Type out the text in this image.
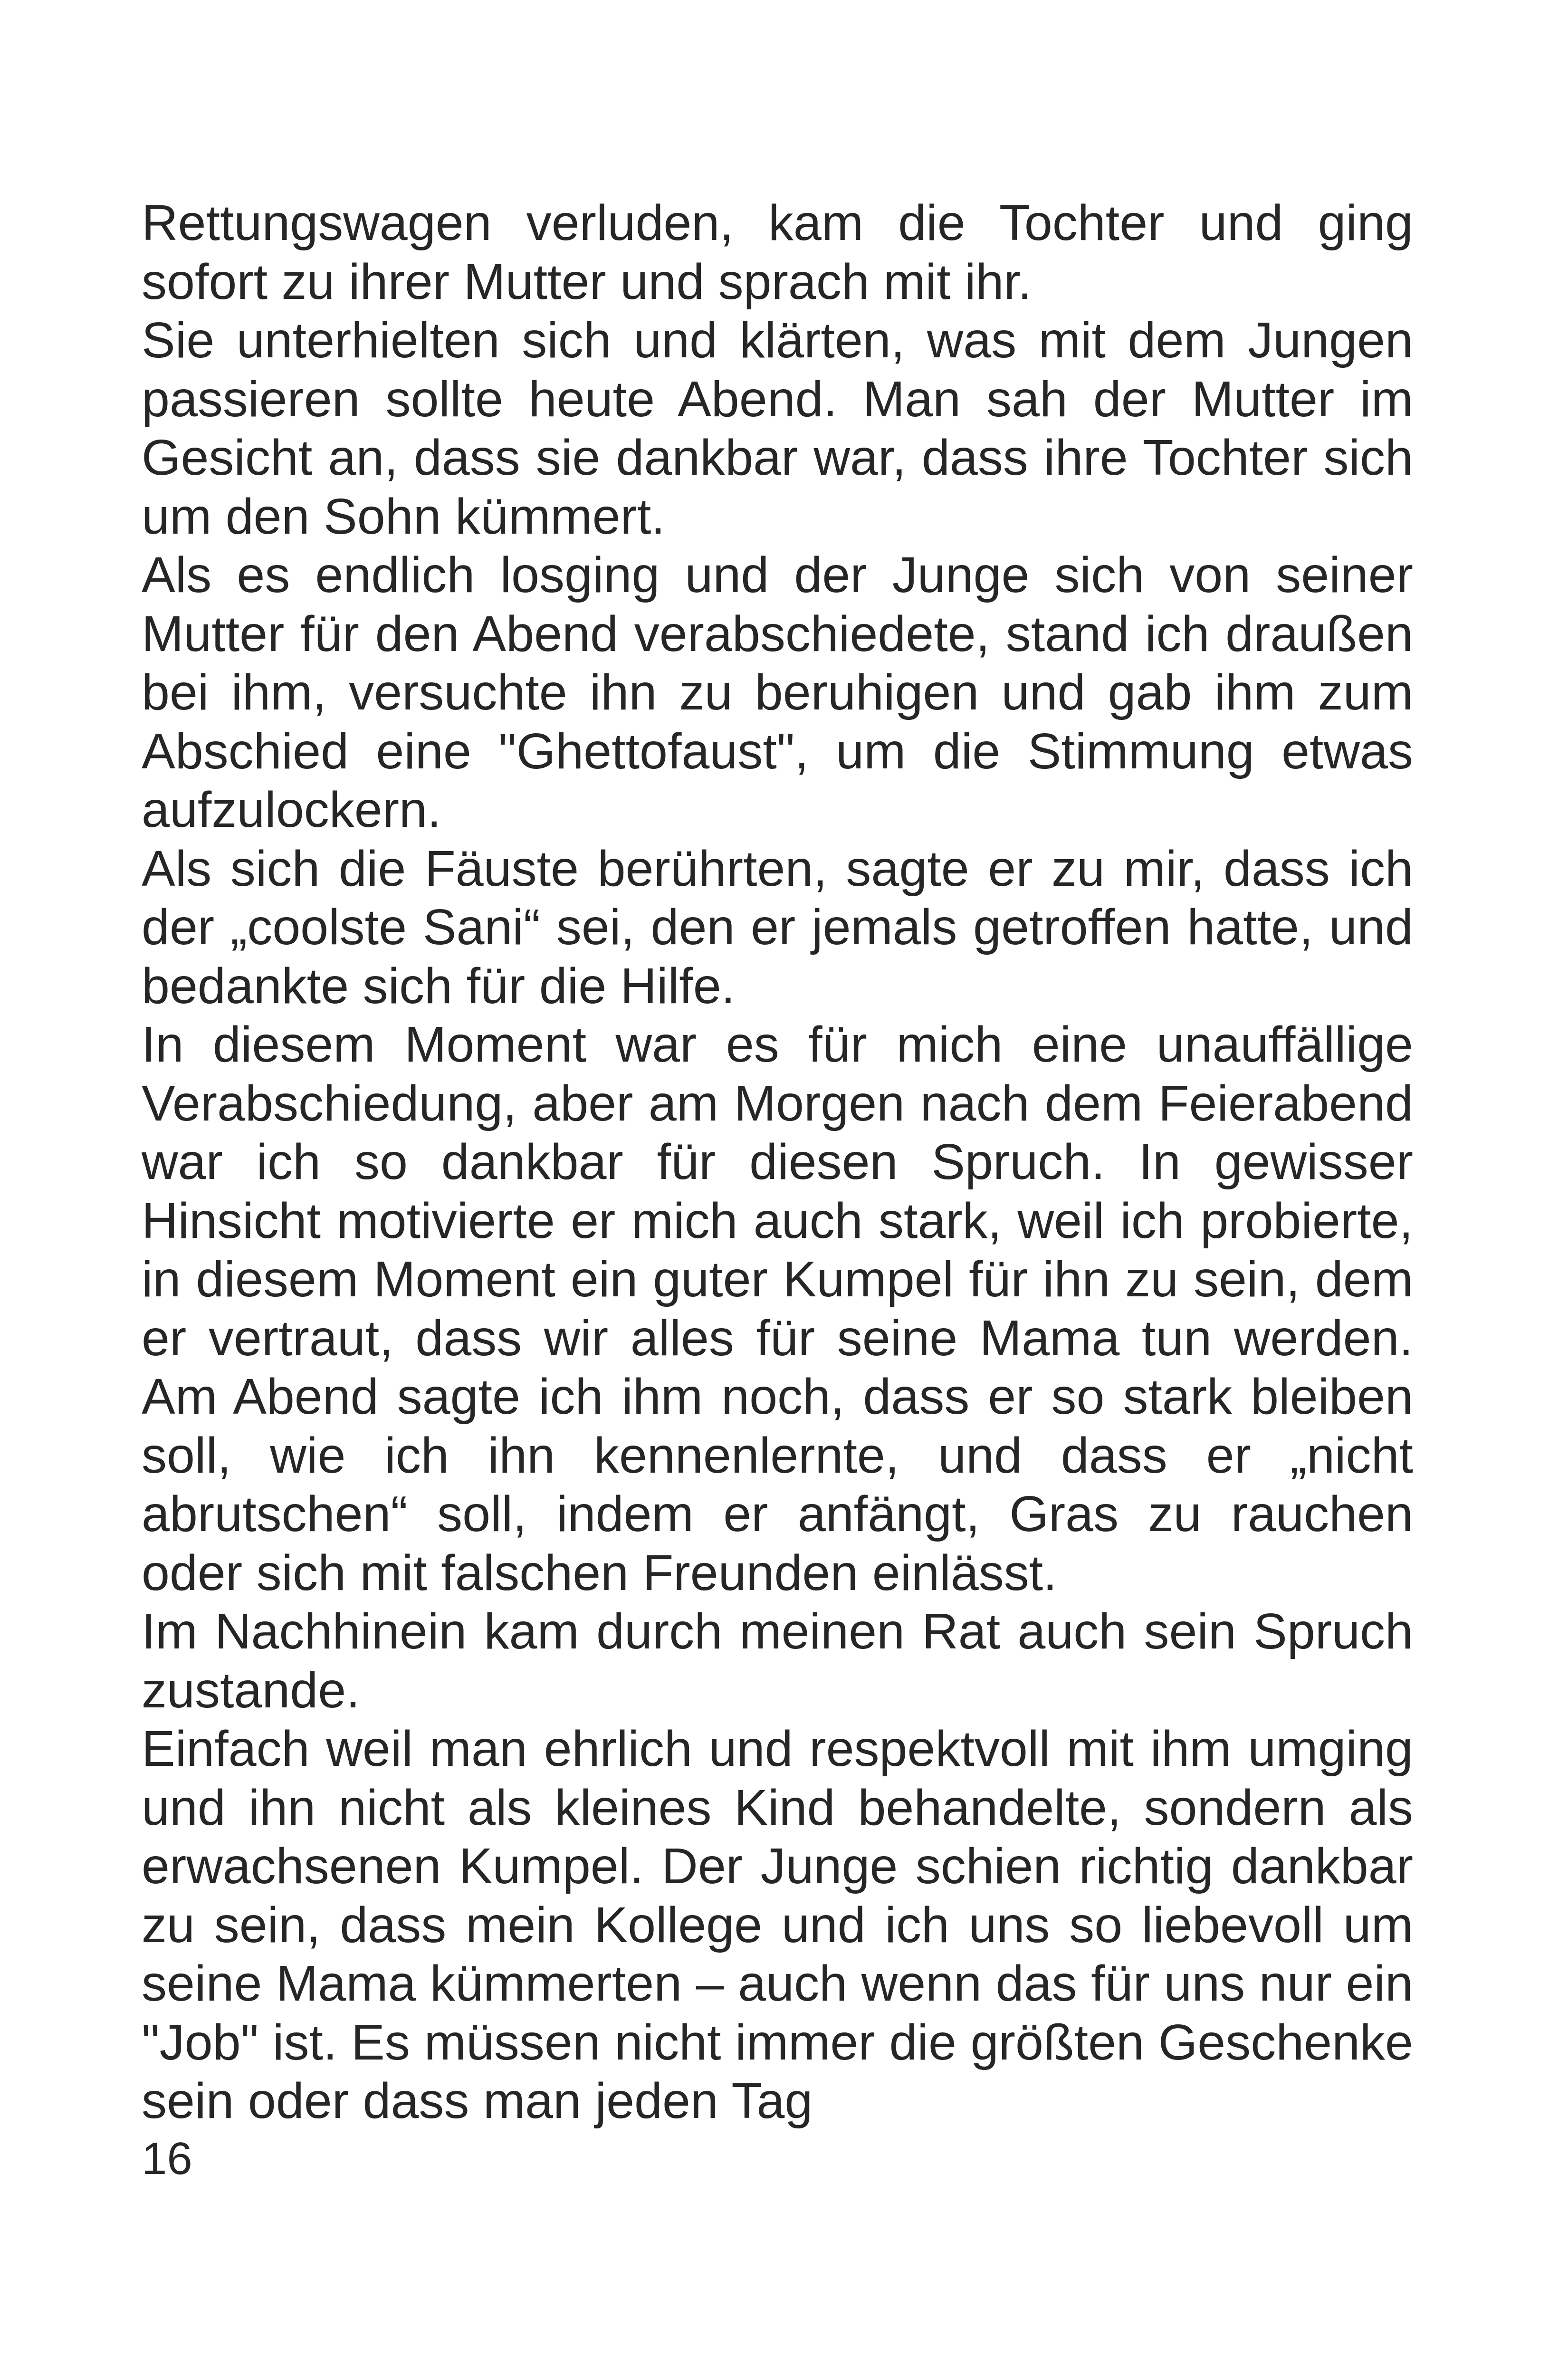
Rettungswagen verluden, kam die Tochter und ging sofort zu ihrer Mutter und sprach mit ihr.

Sie unterhielten sich und klärten, was mit dem Jungen passieren sollte heute Abend. Man sah der Mutter im Gesicht an, dass sie dankbar war, dass ihre Tochter sich um den Sohn kümmert.

Als es endlich losging und der Junge sich von seiner Mutter für den Abend verabschiedete, stand ich draußen bei ihm, versuchte ihn zu beruhigen und gab ihm zum Abschied eine "Ghettofaust", um die Stimmung etwas aufzulockern.

Als sich die Fäuste berührten, sagte er zu mir, dass ich der „coolste Sani“ sei, den er jemals getroffen hatte, und bedankte sich für die Hilfe.

In diesem Moment war es für mich eine unauffällige Verabschiedung, aber am Morgen nach dem Feierabend war ich so dankbar für diesen Spruch. In gewisser Hinsicht motivierte er mich auch stark, weil ich probierte, in diesem Moment ein guter Kumpel für ihn zu sein, dem er vertraut, dass wir alles für seine Mama tun werden. Am Abend sagte ich ihm noch, dass er so stark bleiben soll, wie ich ihn kennenlernte, und dass er „nicht abrutschen“ soll, indem er anfängt, Gras zu rauchen oder sich mit falschen Freunden einlässt.

Im Nachhinein kam durch meinen Rat auch sein Spruch zustande.

Einfach weil man ehrlich und respektvoll mit ihm umging und ihn nicht als kleines Kind behandelte, sondern als erwachsenen Kumpel. Der Junge schien richtig dankbar zu sein, dass mein Kollege und ich uns so liebevoll um seine Mama kümmerten – auch wenn das für uns nur ein "Job" ist. Es müssen nicht immer die größten Geschenke sein oder dass man jeden Tag

16
